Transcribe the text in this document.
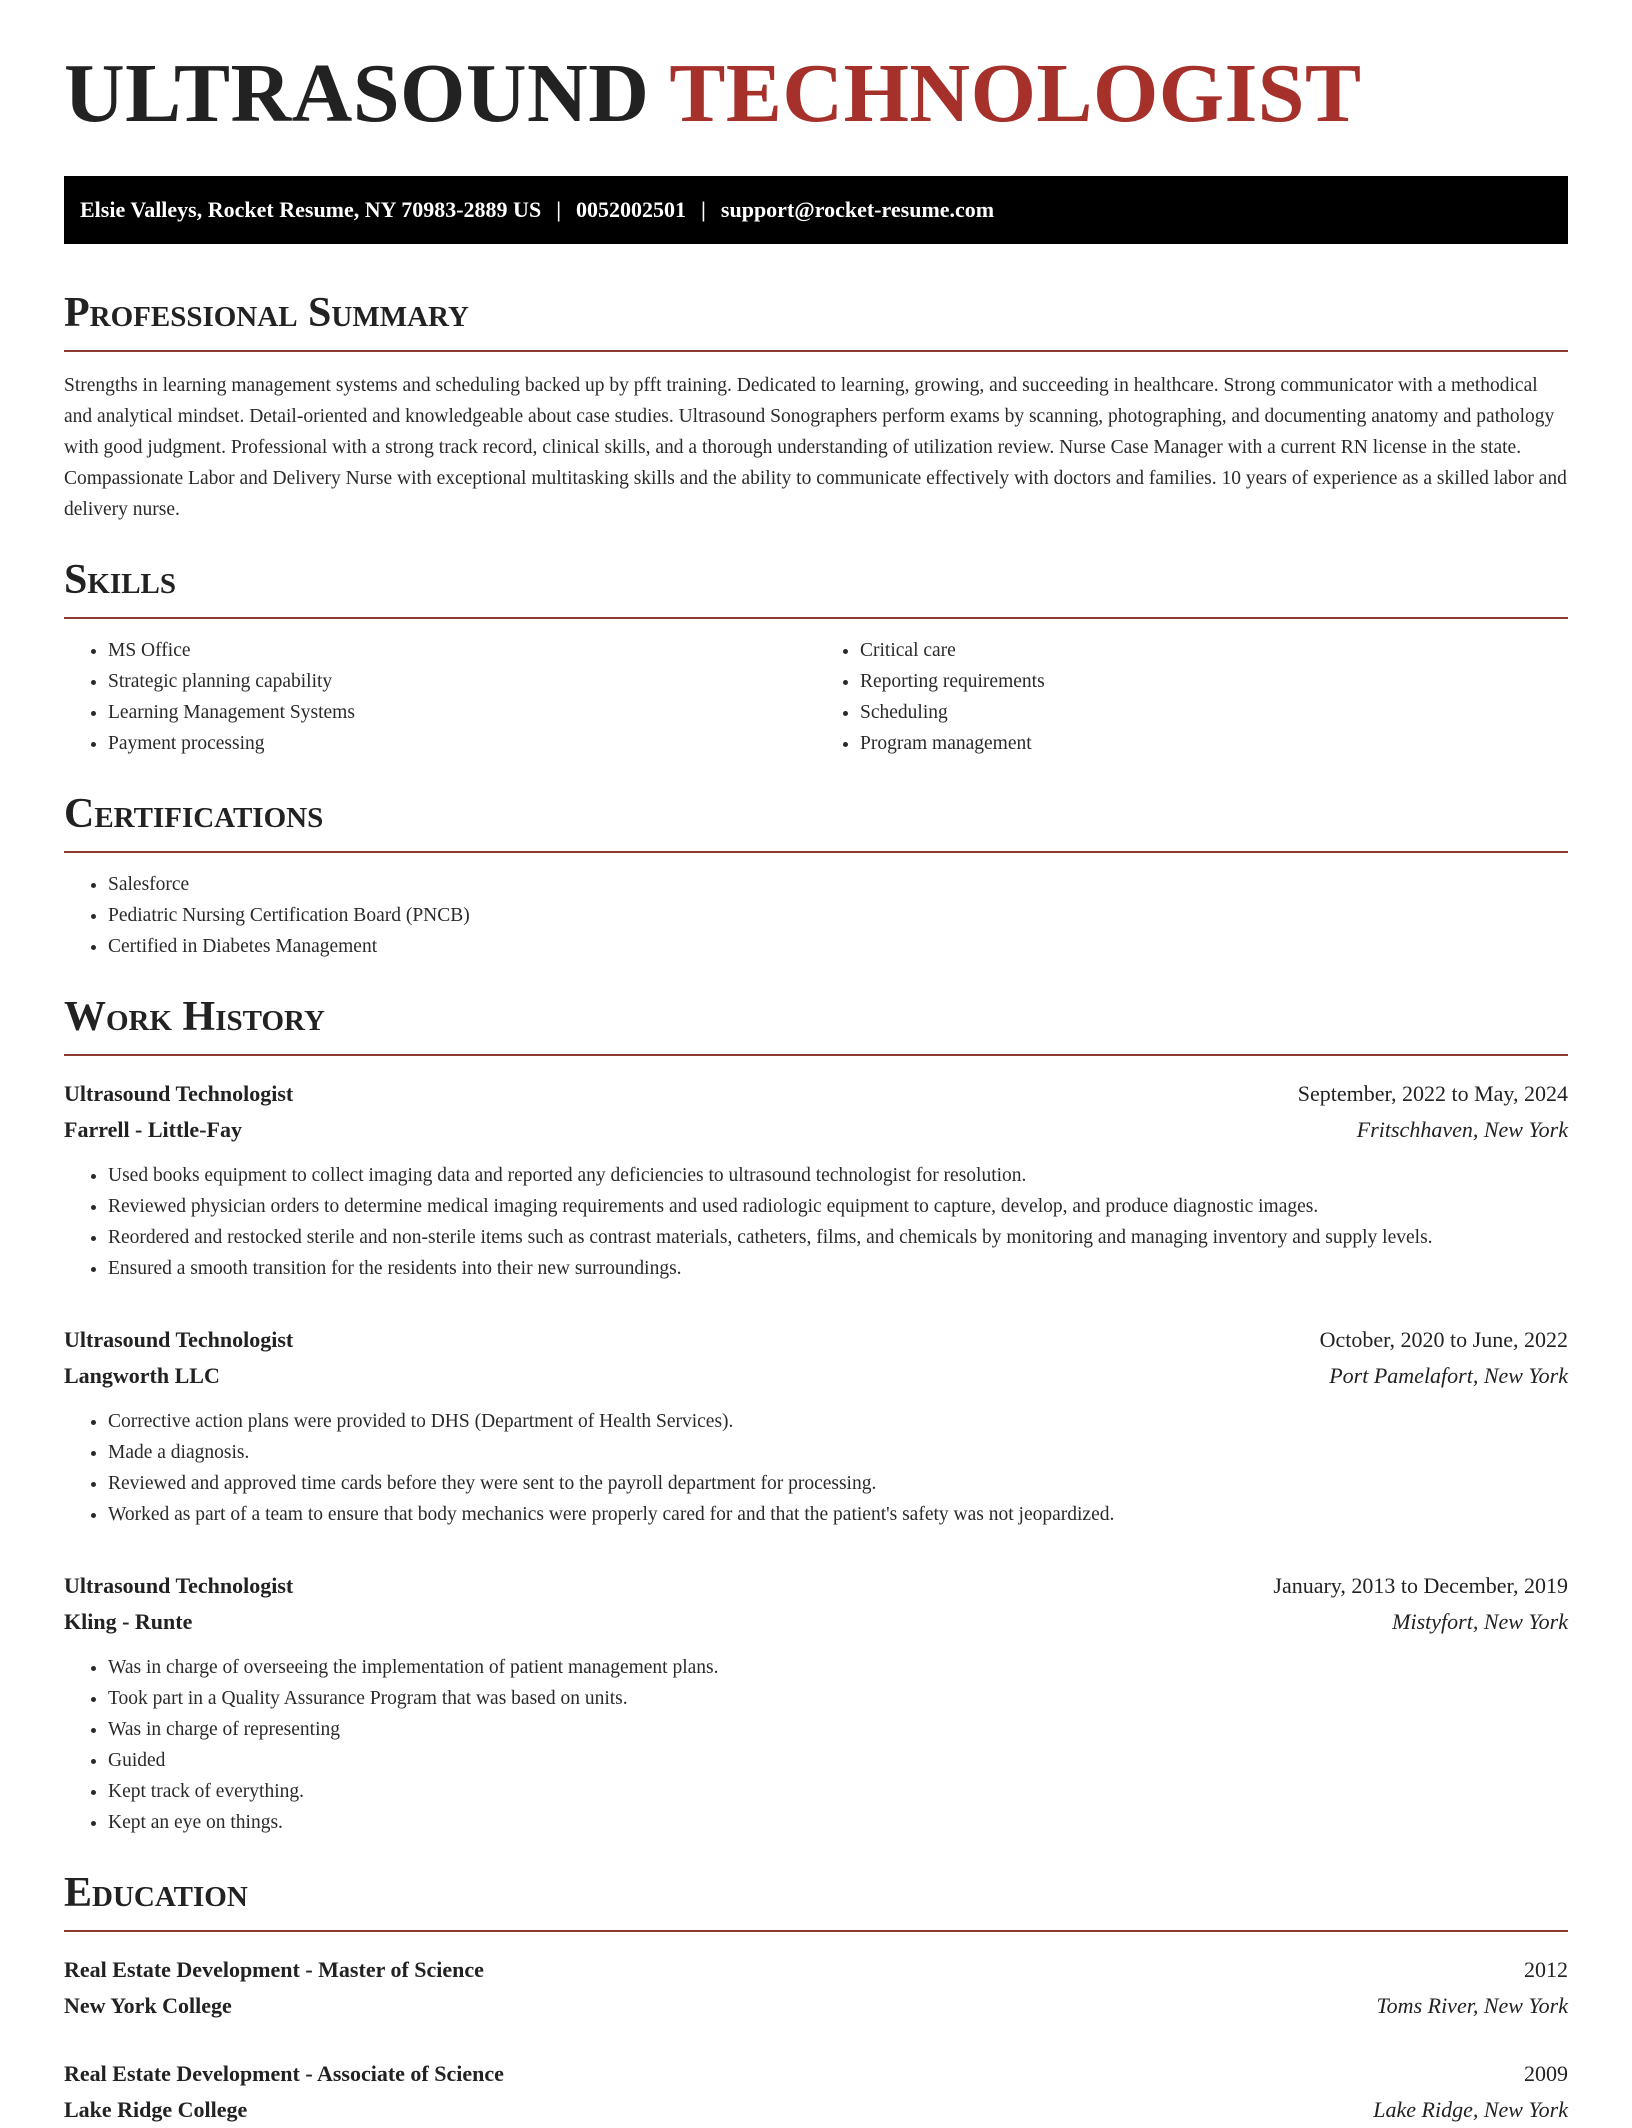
ULTRASOUND TECHNOLOGIST
Elsie Valleys, Rocket Resume, NY 70983-2889 US | 0052002501 | support@rocket-resume.com
Professional Summary

Strengths in learning management systems and scheduling backed up by pfft training. Dedicated to learning, growing, and succeeding in healthcare. Strong communicator with a methodical and analytical mindset. Detail-oriented and knowledgeable about case studies. Ultrasound Sonographers perform exams by scanning, photographing, and documenting anatomy and pathology with good judgment. Professional with a strong track record, clinical skills, and a thorough understanding of utilization review. Nurse Case Manager with a current RN license in the state. Compassionate Labor and Delivery Nurse with exceptional multitasking skills and the ability to communicate effectively with doctors and families. 10 years of experience as a skilled labor and delivery nurse.

Skills
• MS Office
• Strategic planning capability
• Learning Management Systems
• Payment processing
• Critical care
• Reporting requirements
• Scheduling
• Program management
Certifications
• Salesforce
• Pediatric Nursing Certification Board (PNCB)
• Certified in Diabetes Management
Work History
Ultrasound Technologist	September, 2022 to May, 2024
Farrell - Little-Fay	Fritschhaven, New York
• Used books equipment to collect imaging data and reported any deficiencies to ultrasound technologist for resolution.
• Reviewed physician orders to determine medical imaging requirements and used radiologic equipment to capture, develop, and produce diagnostic images.
• Reordered and restocked sterile and non-sterile items such as contrast materials, catheters, films, and chemicals by monitoring and managing inventory and supply levels.
• Ensured a smooth transition for the residents into their new surroundings.
Ultrasound Technologist	October, 2020 to June, 2022
Langworth LLC	Port Pamelafort, New York
• Corrective action plans were provided to DHS (Department of Health Services).
• Made a diagnosis.
• Reviewed and approved time cards before they were sent to the payroll department for processing.
• Worked as part of a team to ensure that body mechanics were properly cared for and that the patient's safety was not jeopardized.
Ultrasound Technologist	January, 2013 to December, 2019
Kling - Runte	Mistyfort, New York
• Was in charge of overseeing the implementation of patient management plans.
• Took part in a Quality Assurance Program that was based on units.
• Was in charge of representing
• Guided
• Kept track of everything.
• Kept an eye on things.
Education
Real Estate Development - Master of Science	2012
New York College	Toms River, New York
Real Estate Development - Associate of Science	2009
Lake Ridge College	Lake Ridge, New York
